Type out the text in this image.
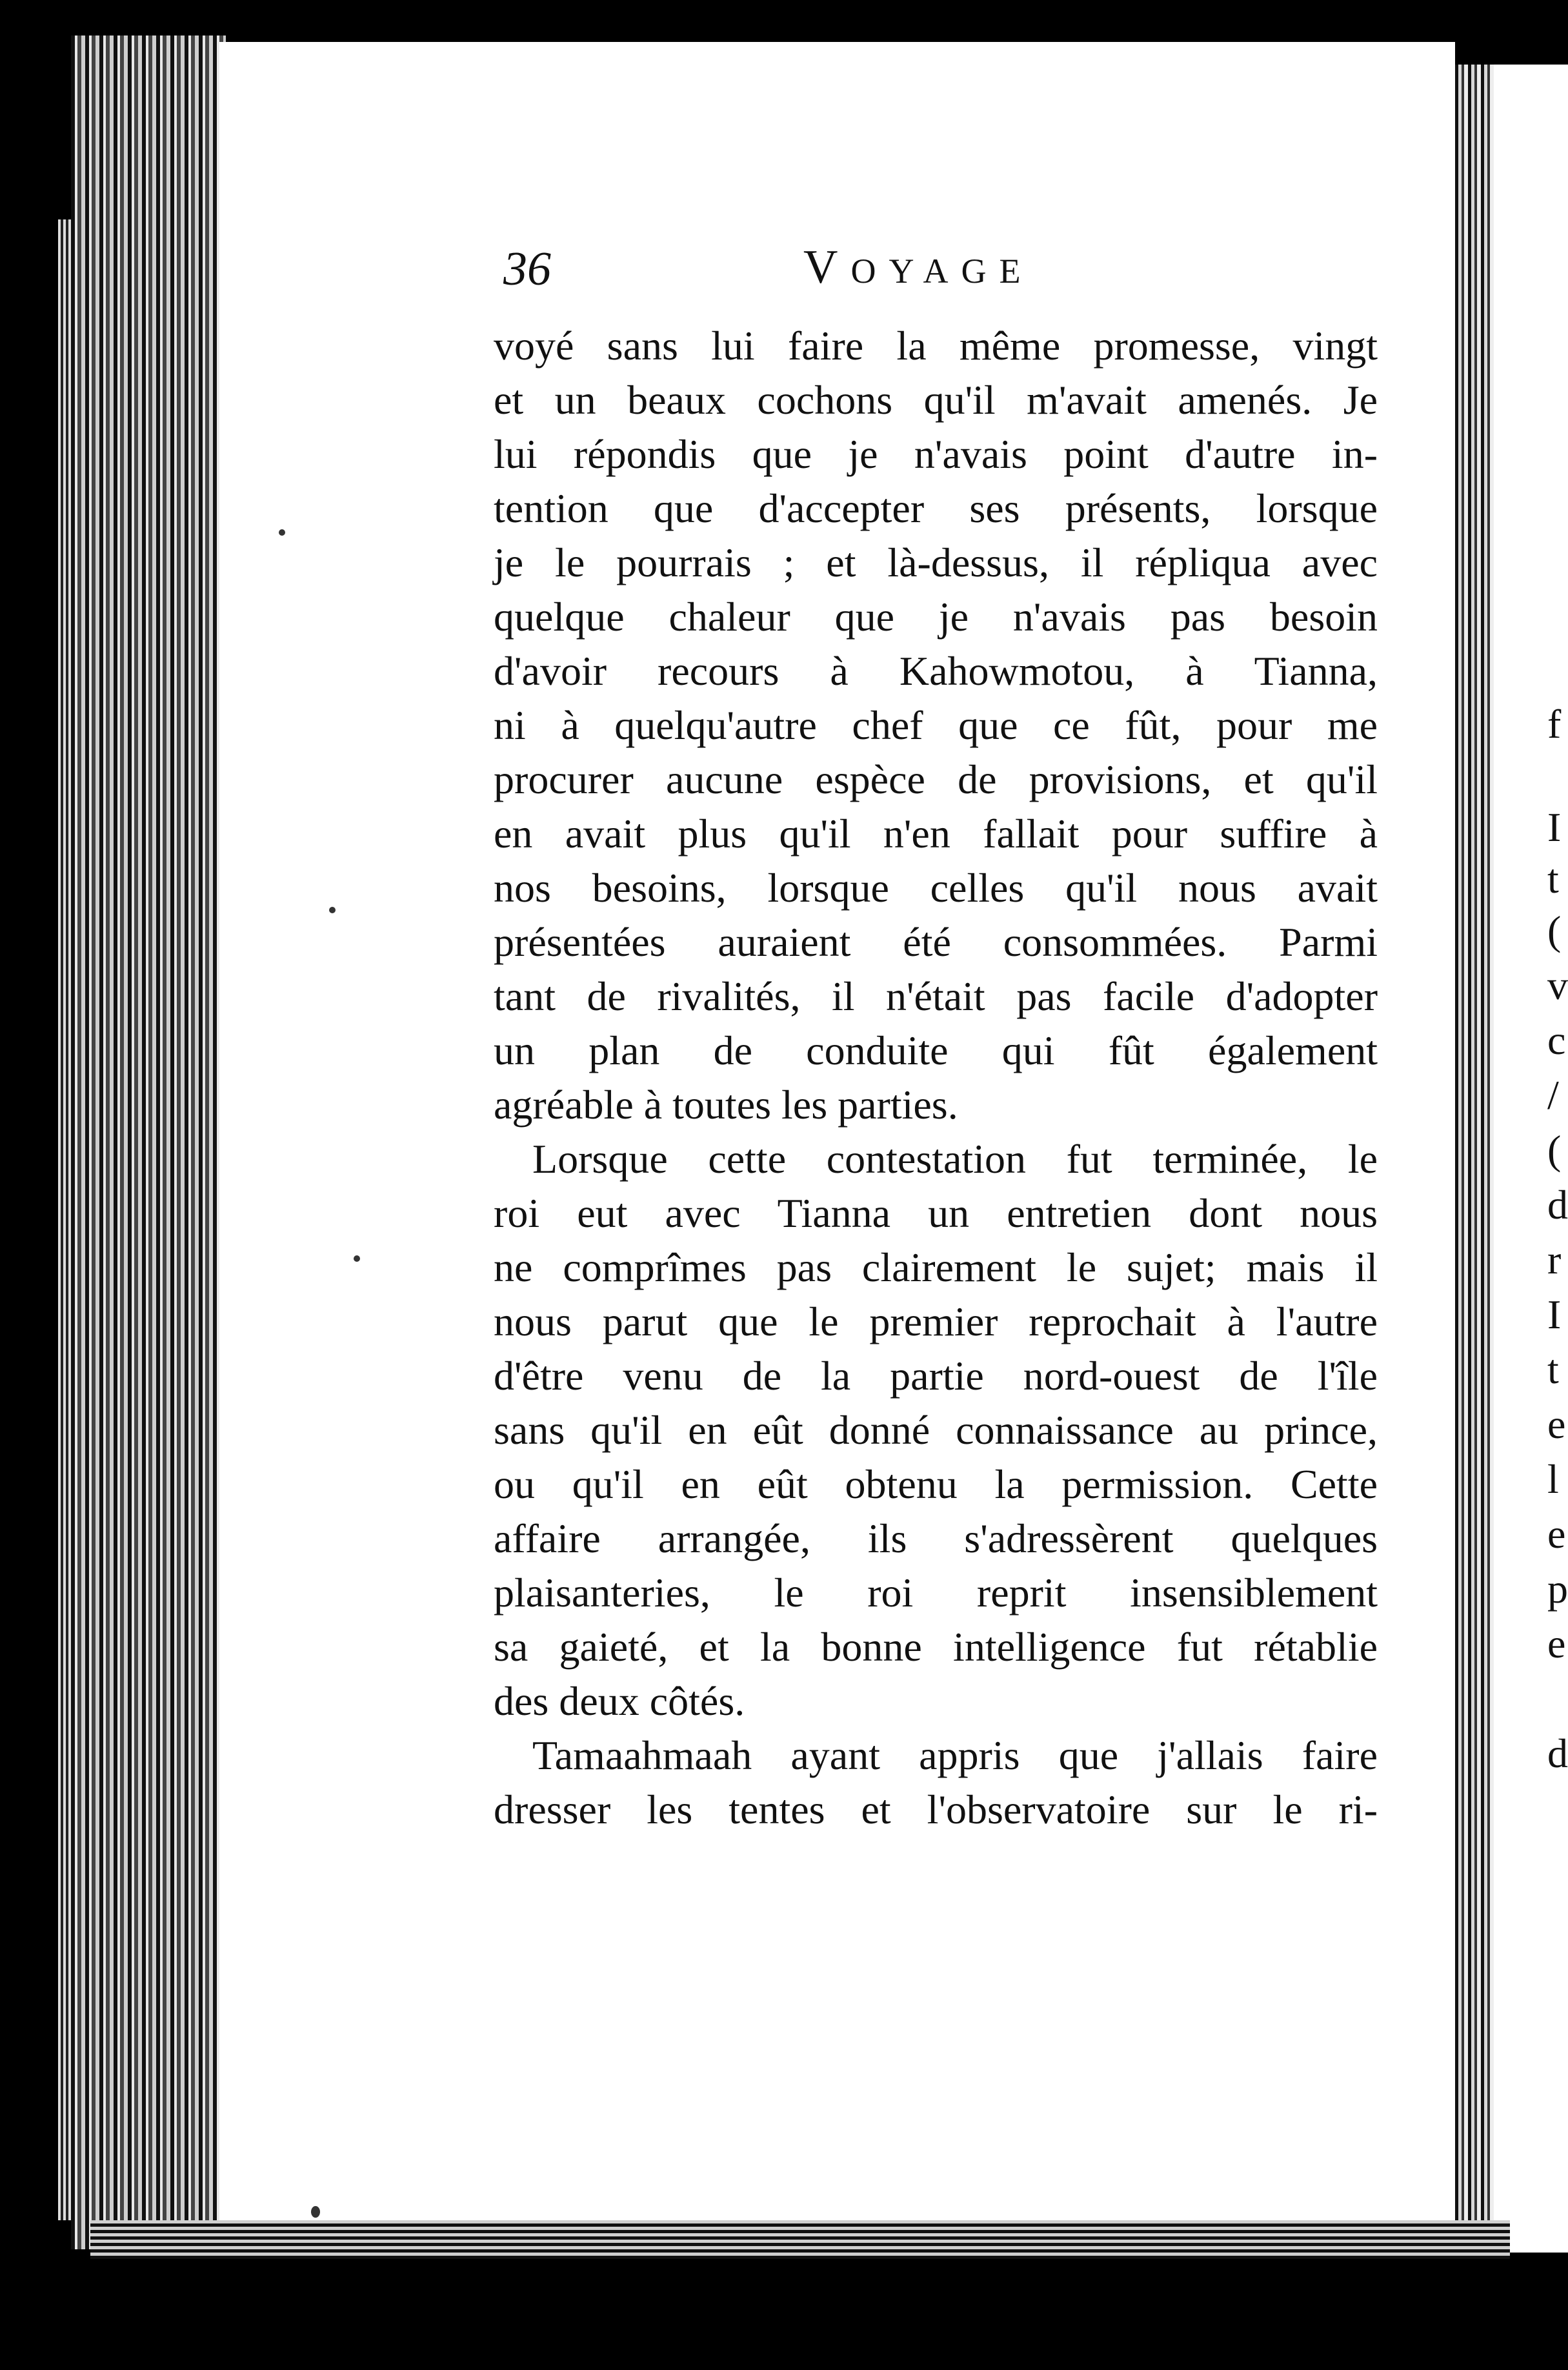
36	VOYAGE
voyé sans lui faire la même promesse, vingt
et un beaux cochons qu'il m'avait amenés. Je
lui répondis que je n'avais point d'autre in-
tention que d'accepter ses présents, lorsque
je le pourrais ; et là-dessus, il répliqua avec
quelque chaleur que je n'avais pas besoin
d'avoir recours à Kahowmotou, à Tianna,
ni à quelqu'autre chef que ce fût, pour me
procurer aucune espèce de provisions, et qu'il
en avait plus qu'il n'en fallait pour suffire à
nos besoins, lorsque celles qu'il nous avait
présentées auraient été consommées. Parmi
tant de rivalités, il n'était pas facile d'adopter
un plan de conduite qui fût également
agréable à toutes les parties.
Lorsque cette contestation fut terminée, le
roi eut avec Tianna un entretien dont nous
ne comprîmes pas clairement le sujet; mais il
nous parut que le premier reprochait à l'autre
d'être venu de la partie nord-ouest de l'île
sans qu'il en eût donné connaissance au prince,
ou qu'il en eût obtenu la permission. Cette
affaire arrangée, ils s'adressèrent quelques
plaisanteries, le roi reprit insensiblement
sa gaieté, et la bonne intelligence fut rétablie
des deux côtés.
Tamaahmaah ayant appris que j'allais faire
dresser les tentes et l'observatoire sur le ri-
f
I
t
(
v
c
/
(
d
r
I
t
e
l
e
p
e
d
